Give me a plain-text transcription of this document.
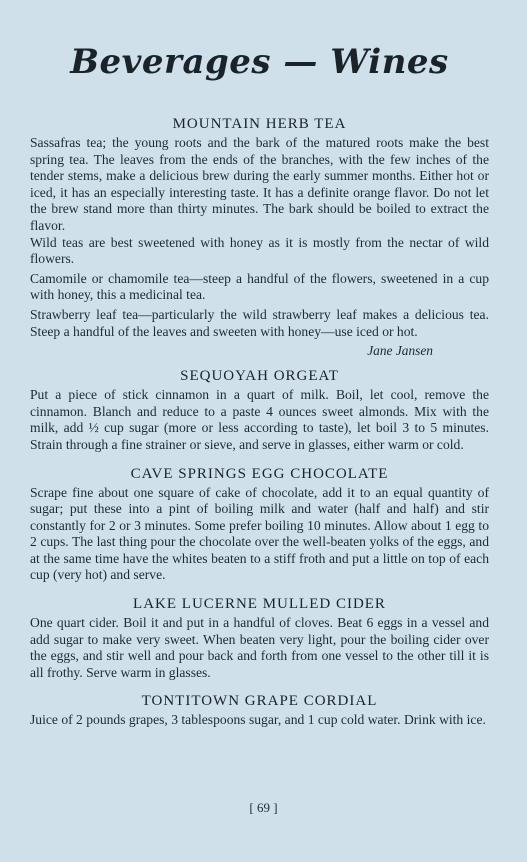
Beverages — Wines
MOUNTAIN HERB TEA

Sassafras tea; the young roots and the bark of the matured roots make the best spring tea. The leaves from the ends of the branches, with the few inches of the tender stems, make a delicious brew during the early summer months. Either hot or iced, it has an especially interesting taste. It has a definite orange flavor. Do not let the brew stand more than thirty minutes. The bark should be boiled to extract the flavor.

Wild teas are best sweetened with honey as it is mostly from the nectar of wild flowers.

Camomile or chamomile tea—steep a handful of the flowers, sweetened in a cup with honey, this a medicinal tea.

Strawberry leaf tea—particularly the wild strawberry leaf makes a delicious tea. Steep a handful of the leaves and sweeten with honey—use iced or hot.

Jane Jansen
SEQUOYAH ORGEAT

Put a piece of stick cinnamon in a quart of milk. Boil, let cool, remove the cinnamon. Blanch and reduce to a paste 4 ounces sweet almonds. Mix with the milk, add ½ cup sugar (more or less according to taste), let boil 3 to 5 minutes. Strain through a fine strainer or sieve, and serve in glasses, either warm or cold.

CAVE SPRINGS EGG CHOCOLATE

Scrape fine about one square of cake of chocolate, add it to an equal quantity of sugar; put these into a pint of boiling milk and water (half and half) and stir constantly for 2 or 3 minutes. Some prefer boiling 10 minutes. Allow about 1 egg to 2 cups. The last thing pour the chocolate over the well-beaten yolks of the eggs, and at the same time have the whites beaten to a stiff froth and put a little on top of each cup (very hot) and serve.

LAKE LUCERNE MULLED CIDER

One quart cider. Boil it and put in a handful of cloves. Beat 6 eggs in a vessel and add sugar to make very sweet. When beaten very light, pour the boiling cider over the eggs, and stir well and pour back and forth from one vessel to the other till it is all frothy. Serve warm in glasses.

TONTITOWN GRAPE CORDIAL

Juice of 2 pounds grapes, 3 tablespoons sugar, and 1 cup cold water. Drink with ice.

[ 69 ]
